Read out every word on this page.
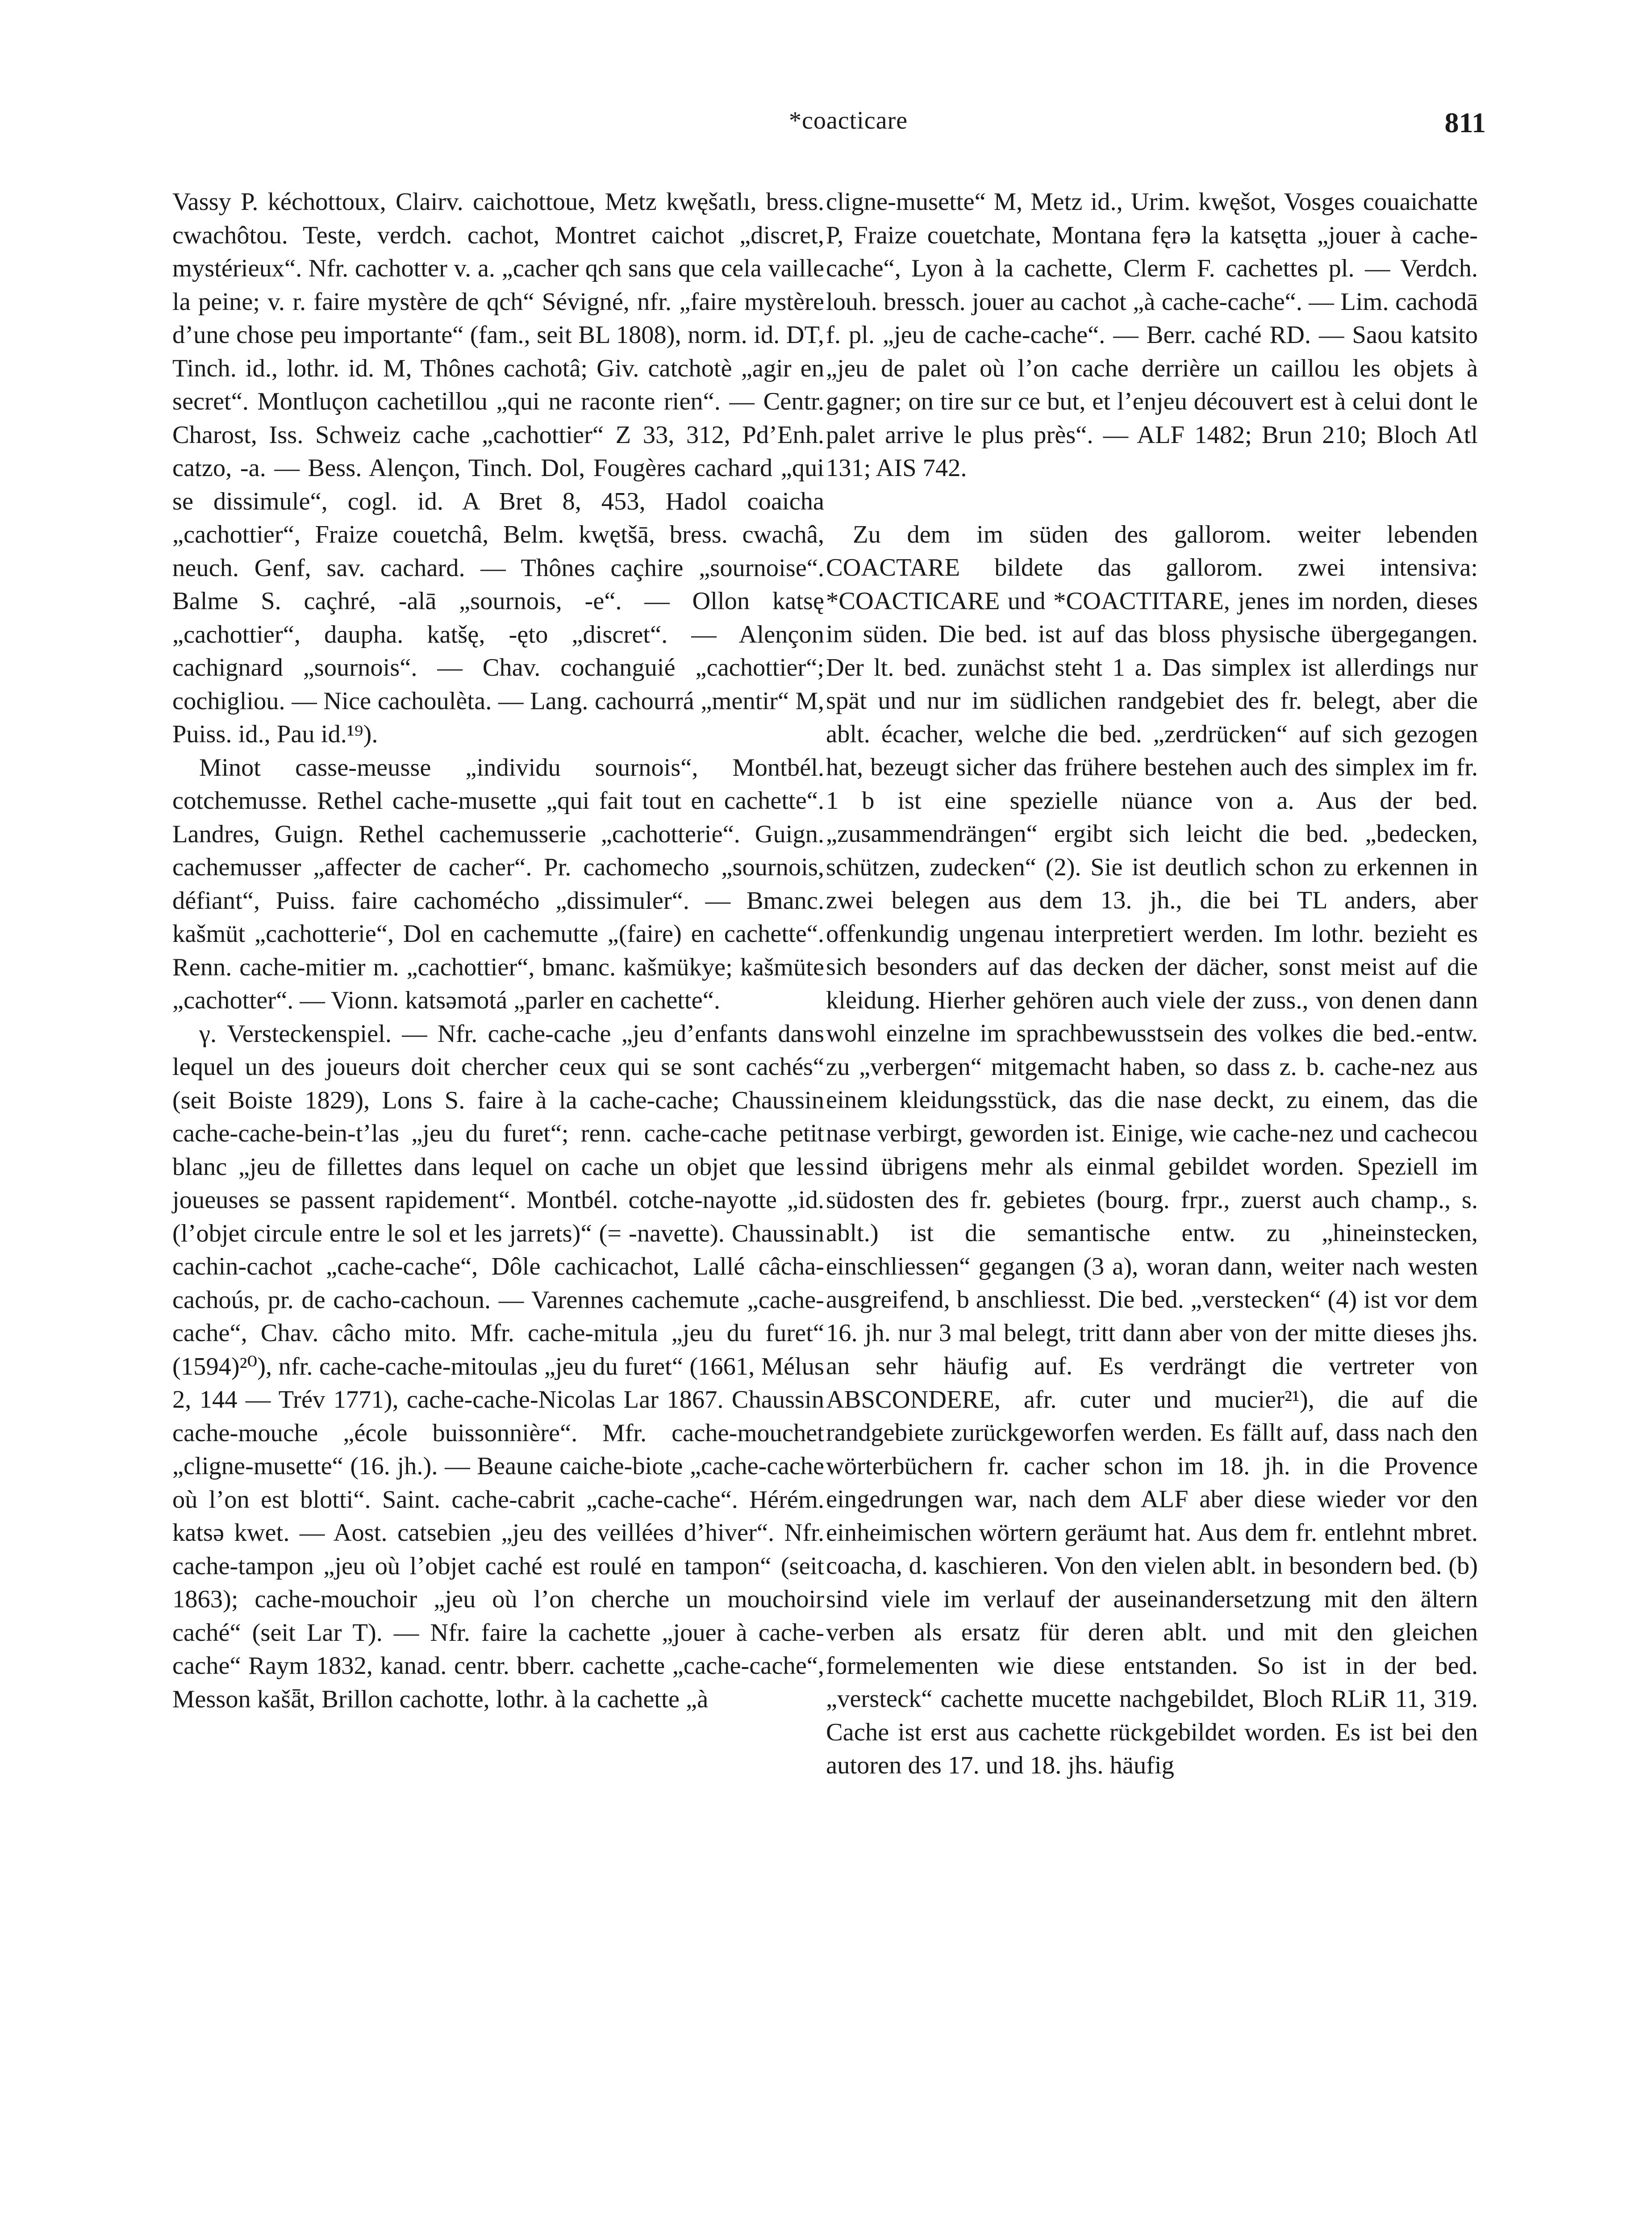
*coacticare	811

Vassy P. kéchottoux, Clairv. caichottoue, Metz kwęšatlı, bress. cwachôtou. Teste, verdch. cachot, Montret caichot „discret, mystérieux“. Nfr. cachotter v. a. „cacher qch sans que cela vaille la peine; v. r. faire mystère de qch“ Sévigné, nfr. „faire mystère d’une chose peu importante“ (fam., seit BL 1808), norm. id. DT, Tinch. id., lothr. id. M, Thônes cachotâ; Giv. catchotè „agir en secret“. Montluçon cachetillou „qui ne raconte rien“. — Centr. Charost, Iss. Schweiz cache „cachottier“ Z 33, 312, Pd’Enh. catzo, -a. — Bess. Alençon, Tinch. Dol, Fougères cachard „qui se dissimule“, cogl. id. A Bret 8, 453, Hadol coaicha „cachottier“, Fraize couetchâ, Belm. kwętšā, bress. cwachâ, neuch. Genf, sav. cachard. — Thônes caçhire „sournoise“. Balme S. caçhré, -alā „sournois, -e“. — Ollon katsę „cachottier“, daupha. katšę, -ęto „discret“. — Alençon cachignard „sournois“. — Chav. cochanguié „cachottier“; cochigliou. — Nice cachoulèta. — Lang. cachourrá „mentir“ M, Puiss. id., Pau id.¹⁹).

Minot casse-meusse „individu sournois“, Montbél. cotchemusse. Rethel cache-musette „qui fait tout en cachette“. Landres, Guign. Rethel cachemusserie „cachotterie“. Guign. cachemusser „affecter de cacher“. Pr. cachomecho „sournois, défiant“, Puiss. faire cachomécho „dissimuler“. — Bmanc. kašmüt „cachotterie“, Dol en cachemutte „(faire) en cachette“. Renn. cache-mitier m. „cachottier“, bmanc. kašmükye; kašmüte „cachotter“. — Vionn. katsəmotá „parler en cachette“.

γ. Versteckenspiel. — Nfr. cache-cache „jeu d’enfants dans lequel un des joueurs doit chercher ceux qui se sont cachés“ (seit Boiste 1829), Lons S. faire à la cache-cache; Chaussin cache-cache-bein-t’las „jeu du furet“; renn. cache-cache petit blanc „jeu de fillettes dans lequel on cache un objet que les joueuses se passent rapidement“. Montbél. cotche-nayotte „id. (l’objet circule entre le sol et les jarrets)“ (= -navette). Chaussin cachin-cachot „cache-cache“, Dôle cachicachot, Lallé câcha-cachoús, pr. de cacho-cachoun. — Varennes cachemute „cache-cache“, Chav. câcho mito. Mfr. cache-mitula „jeu du furet“ (1594)²⁰), nfr. cache-cache-mitoulas „jeu du furet“ (1661, Mélus 2, 144 — Trév 1771), cache-cache-Nicolas Lar 1867. Chaussin cache-mouche „école buissonnière“. Mfr. cache-mouchet „cligne-musette“ (16. jh.). — Beaune caiche-biote „cache-cache où l’on est blotti“. Saint. cache-cabrit „cache-cache“. Hérém. katsə kwet. — Aost. catsebien „jeu des veillées d’hiver“. Nfr. cache-tampon „jeu où l’objet caché est roulé en tampon“ (seit 1863); cache-mouchoir „jeu où l’on cherche un mouchoir caché“ (seit Lar T). — Nfr. faire la cachette „jouer à cache-cache“ Raym 1832, kanad. centr. bberr. cachette „cache-cache“, Messon kašǟt, Brillon cachotte, lothr. à la cachette „à

cligne-musette“ M, Metz id., Urim. kwęšot, Vosges couaichatte P, Fraize couetchate, Montana fęrə la katsętta „jouer à cache-cache“, Lyon à la cachette, Clerm F. cachettes pl. — Verdch. louh. bressch. jouer au cachot „à cache-cache“. — Lim. cachodā f. pl. „jeu de cache-cache“. — Berr. caché RD. — Saou katsito „jeu de palet où l’on cache derrière un caillou les objets à gagner; on tire sur ce but, et l’enjeu découvert est à celui dont le palet arrive le plus près“. — ALF 1482; Brun 210; Bloch Atl 131; AIS 742.

Zu dem im süden des gallorom. weiter lebenden COACTARE bildete das gallorom. zwei intensiva: *COACTICARE und *COACTITARE, jenes im norden, dieses im süden. Die bed. ist auf das bloss physische übergegangen. Der lt. bed. zunächst steht 1 a. Das simplex ist allerdings nur spät und nur im südlichen randgebiet des fr. belegt, aber die ablt. écacher, welche die bed. „zerdrücken“ auf sich gezogen hat, bezeugt sicher das frühere bestehen auch des simplex im fr. 1 b ist eine spezielle nüance von a. Aus der bed. „zusammendrängen“ ergibt sich leicht die bed. „bedecken, schützen, zudecken“ (2). Sie ist deutlich schon zu erkennen in zwei belegen aus dem 13. jh., die bei TL anders, aber offenkundig ungenau interpretiert werden. Im lothr. bezieht es sich besonders auf das decken der dächer, sonst meist auf die kleidung. Hierher gehören auch viele der zuss., von denen dann wohl einzelne im sprachbewusstsein des volkes die bed.-entw. zu „verbergen“ mitgemacht haben, so dass z. b. cache-nez aus einem kleidungsstück, das die nase deckt, zu einem, das die nase verbirgt, geworden ist. Einige, wie cache-nez und cachecou sind übrigens mehr als einmal gebildet worden. Speziell im südosten des fr. gebietes (bourg. frpr., zuerst auch champ., s. ablt.) ist die semantische entw. zu „hineinstecken, einschliessen“ gegangen (3 a), woran dann, weiter nach westen ausgreifend, b anschliesst. Die bed. „verstecken“ (4) ist vor dem 16. jh. nur 3 mal belegt, tritt dann aber von der mitte dieses jhs. an sehr häufig auf. Es verdrängt die vertreter von ABSCONDERE, afr. cuter und mucier²¹), die auf die randgebiete zurückgeworfen werden. Es fällt auf, dass nach den wörterbüchern fr. cacher schon im 18. jh. in die Provence eingedrungen war, nach dem ALF aber diese wieder vor den einheimischen wörtern geräumt hat. Aus dem fr. entlehnt mbret. coacha, d. kaschieren. Von den vielen ablt. in besondern bed. (b) sind viele im verlauf der auseinandersetzung mit den ältern verben als ersatz für deren ablt. und mit den gleichen formelementen wie diese entstanden. So ist in der bed. „versteck“ cachette mucette nachgebildet, Bloch RLiR 11, 319. Cache ist erst aus cachette rückgebildet worden. Es ist bei den autoren des 17. und 18. jhs. häufig
